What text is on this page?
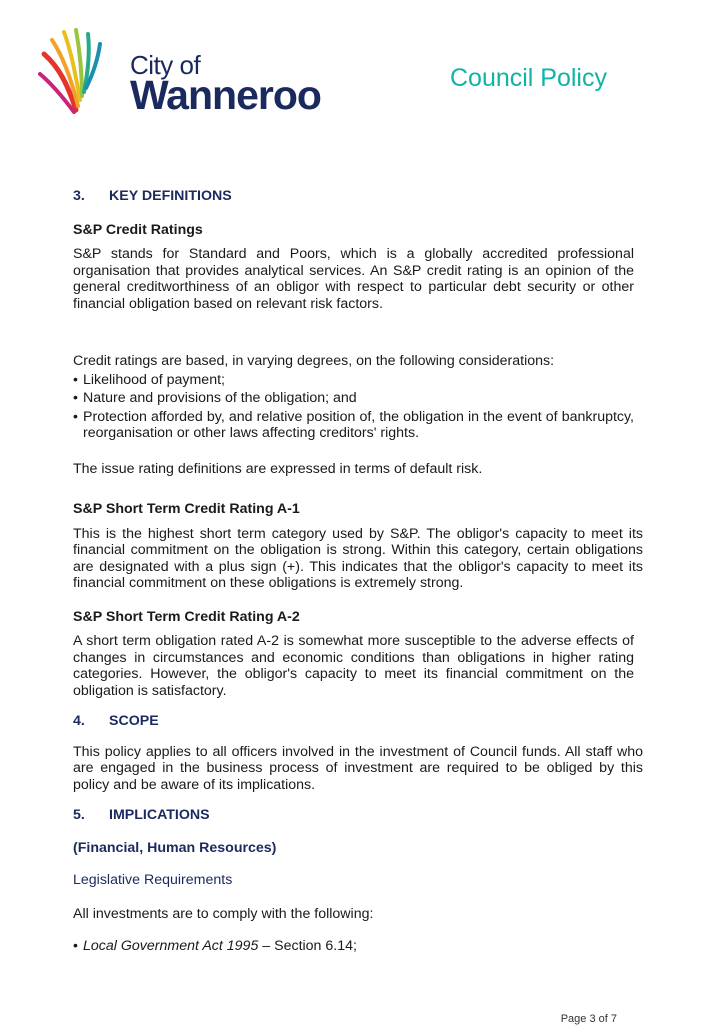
City of
Wanneroo	Council Policy
3. KEY DEFINITIONS
S&P Credit Ratings

S&P stands for Standard and Poors, which is a globally accredited professional organisation that provides analytical services. An S&P credit rating is an opinion of the general creditworthiness of an obligor with respect to particular debt security or other financial obligation based on relevant risk factors.

Credit ratings are based, in varying degrees, on the following considerations:

• Likelihood of payment;
• Nature and provisions of the obligation; and
• Protection afforded by, and relative position of, the obligation in the event of bankruptcy, reorganisation or other laws affecting creditors' rights.

The issue rating definitions are expressed in terms of default risk.

S&P Short Term Credit Rating A-1

This is the highest short term category used by S&P. The obligor's capacity to meet its financial commitment on the obligation is strong. Within this category, certain obligations are designated with a plus sign (+). This indicates that the obligor's capacity to meet its financial commitment on these obligations is extremely strong.

S&P Short Term Credit Rating A-2

A short term obligation rated A-2 is somewhat more susceptible to the adverse effects of changes in circumstances and economic conditions than obligations in higher rating categories. However, the obligor's capacity to meet its financial commitment on the obligation is satisfactory.

4. SCOPE

This policy applies to all officers involved in the investment of Council funds. All staff who are engaged in the business process of investment are required to be obliged by this policy and be aware of its implications.

5. IMPLICATIONS
(Financial, Human Resources)
Legislative Requirements

All investments are to comply with the following:

• Local Government Act 1995 – Section 6.14;
Page 3 of 7
